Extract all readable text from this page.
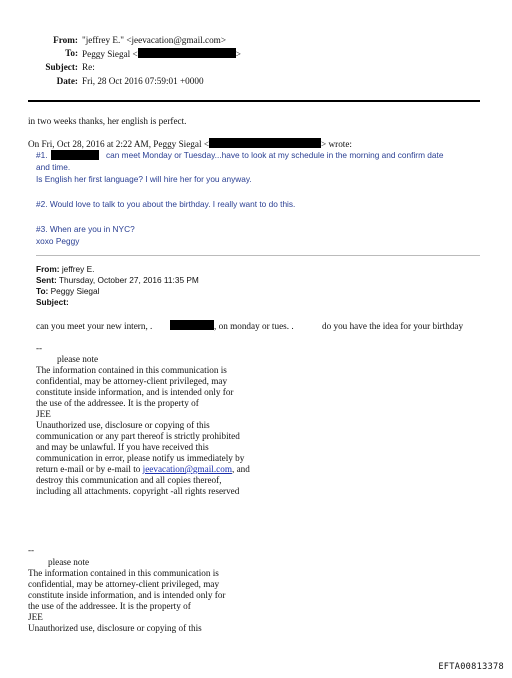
From: "jeffrey E." <jeevacation@gmail.com>
To: Peggy Siegal <	>
Subject: Re:
Date: Fri, 28 Oct 2016 07:59:01 +0000
in two weeks thanks, her english is perfect.
On Fri, Oct 28, 2016 at 2:22 AM, Peggy Siegal <	> wrote:
#1.	can meet Monday or Tuesday...have to look at my schedule in the morning and confirm date
and time.
Is English her first language? I will hire her for you anyway.
#2. Would love to talk to you about the birthday. I really want to do this.
#3. When are you in NYC?
xoxo Peggy
From: jeffrey E.
Sent: Thursday, October 27, 2016 11:35 PM
To: Peggy Siegal
Subject:
can you meet your new intern, .	, on monday or tues. .	do you have the idea for your birthday
--
please note
The information contained in this communication is
confidential, may be attorney-client privileged, may
constitute inside information, and is intended only for
the use of the addressee. It is the property of
JEE
Unauthorized use, disclosure or copying of this
communication or any part thereof is strictly prohibited
and may be unlawful. If you have received this
communication in error, please notify us immediately by
return e-mail or by e-mail to jeevacation@gmail.com, and
destroy this communication and all copies thereof,
including all attachments. copyright -all rights reserved
--
please note
The information contained in this communication is
confidential, may be attorney-client privileged, may
constitute inside information, and is intended only for
the use of the addressee. It is the property of
JEE
Unauthorized use, disclosure or copying of this
EFTA00813378
